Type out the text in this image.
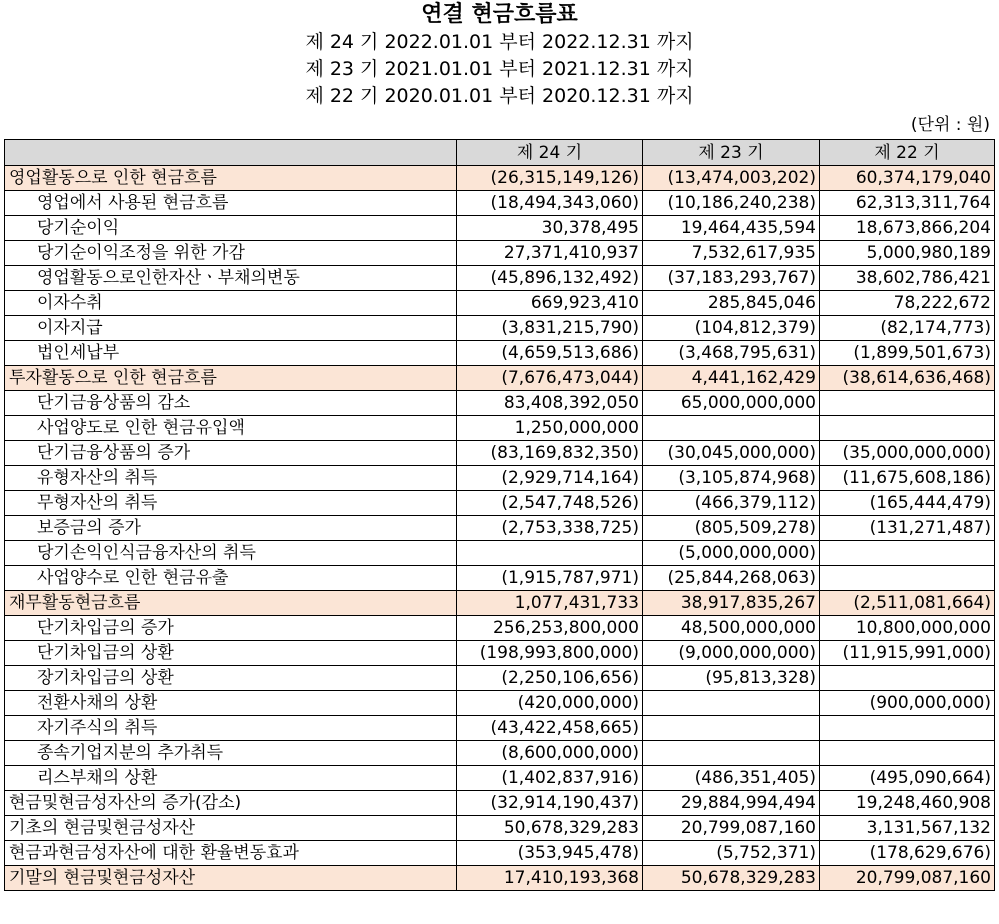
연결 현금흐름표
제 24 기 2022.01.01 부터 2022.12.31 까지
제 23 기 2021.01.01 부터 2021.12.31 까지
제 22 기 2020.01.01 부터 2020.12.31 까지
(단위 : 원)
	제 24 기	제 23 기	제 22 기
영업활동으로 인한 현금흐름	(26,315,149,126)	(13,474,003,202)	60,374,179,040
영업에서 사용된 현금흐름	(18,494,343,060)	(10,186,240,238)	62,313,311,764
당기순이익	30,378,495	19,464,435,594	18,673,866,204
당기순이익조정을 위한 가감	27,371,410,937	7,532,617,935	5,000,980,189
영업활동으로인한자산ㆍ부채의변동	(45,896,132,492)	(37,183,293,767)	38,602,786,421
이자수취	669,923,410	285,845,046	78,222,672
이자지급	(3,831,215,790)	(104,812,379)	(82,174,773)
법인세납부	(4,659,513,686)	(3,468,795,631)	(1,899,501,673)
투자활동으로 인한 현금흐름	(7,676,473,044)	4,441,162,429	(38,614,636,468)
단기금융상품의 감소	83,408,392,050	65,000,000,000	
사업양도로 인한 현금유입액	1,250,000,000		
단기금융상품의 증가	(83,169,832,350)	(30,045,000,000)	(35,000,000,000)
유형자산의 취득	(2,929,714,164)	(3,105,874,968)	(11,675,608,186)
무형자산의 취득	(2,547,748,526)	(466,379,112)	(165,444,479)
보증금의 증가	(2,753,338,725)	(805,509,278)	(131,271,487)
당기손익인식금융자산의 취득		(5,000,000,000)	
사업양수로 인한 현금유출	(1,915,787,971)	(25,844,268,063)	
재무활동현금흐름	1,077,431,733	38,917,835,267	(2,511,081,664)
단기차입금의 증가	256,253,800,000	48,500,000,000	10,800,000,000
단기차입금의 상환	(198,993,800,000)	(9,000,000,000)	(11,915,991,000)
장기차입금의 상환	(2,250,106,656)	(95,813,328)	
전환사채의 상환	(420,000,000)		(900,000,000)
자기주식의 취득	(43,422,458,665)		
종속기업지분의 추가취득	(8,600,000,000)		
리스부채의 상환	(1,402,837,916)	(486,351,405)	(495,090,664)
현금및현금성자산의 증가(감소)	(32,914,190,437)	29,884,994,494	19,248,460,908
기초의 현금및현금성자산	50,678,329,283	20,799,087,160	3,131,567,132
현금과현금성자산에 대한 환율변동효과	(353,945,478)	(5,752,371)	(178,629,676)
기말의 현금및현금성자산	17,410,193,368	50,678,329,283	20,799,087,160
